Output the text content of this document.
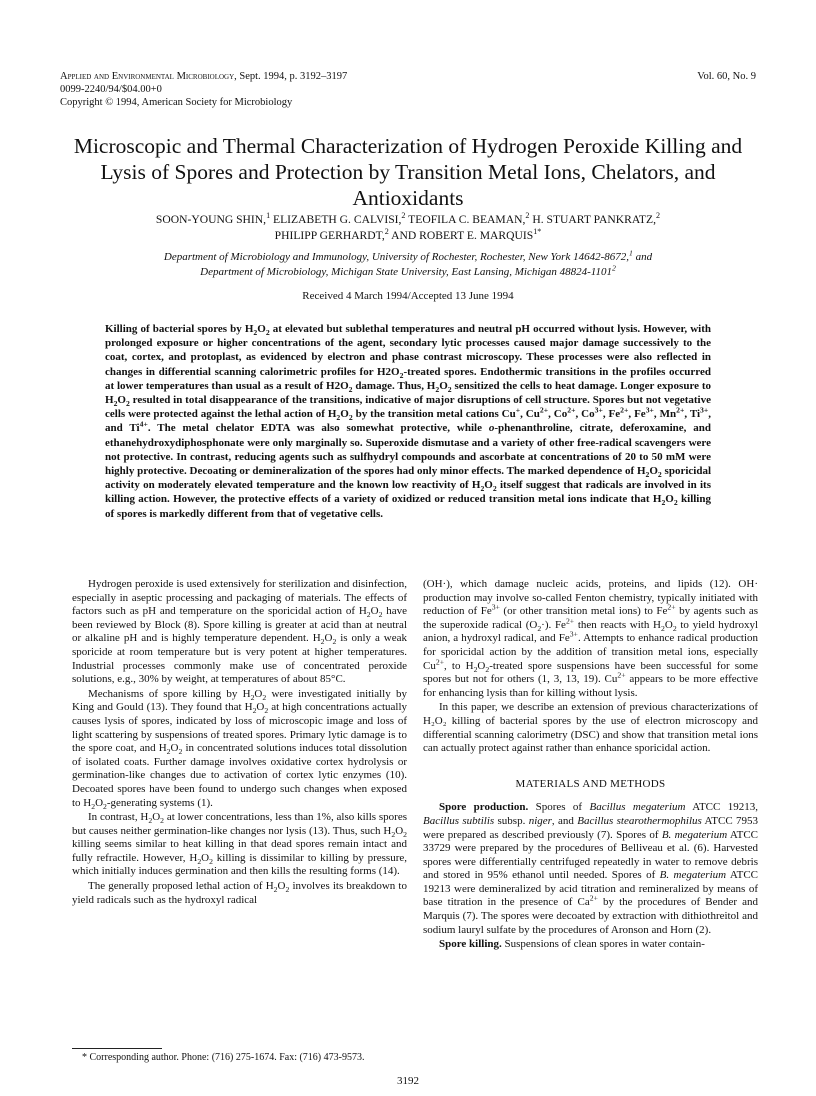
Applied and Environmental Microbiology, Sept. 1994, p. 3192–3197
0099-2240/94/$04.00+0
Copyright © 1994, American Society for Microbiology
Vol. 60, No. 9
Microscopic and Thermal Characterization of Hydrogen Peroxide Killing and Lysis of Spores and Protection by Transition Metal Ions, Chelators, and Antioxidants
SOON-YOUNG SHIN,$^1$ ELIZABETH G. CALVISI,$^2$ TEOFILA C. BEAMAN,$^2$ H. STUART PANKRATZ,$^2$
PHILIPP GERHARDT,$^2$ AND ROBERT E. $MARQUIS^{1*}$
Department of Microbiology and Immunology, University of Rochester, Rochester, New York 14642-8672,$^1$ and
Department of Microbiology, Michigan State University, East Lansing, Michigan 48824-1101$^2$
Received 4 March 1994/Accepted 13 June 1994
Killing of bacterial spores by $H_2O_2$ at elevated but sublethal temperatures and neutral pH occurred without lysis. However, with prolonged exposure or higher concentrations of the agent, secondary lytic processes caused major damage successively to the coat, cortex, and protoplast, as evidenced by electron and phase contrast microscopy. These processes were also reflected in changes in differential scanning calorimetric profiles for $H2O_2$-treated spores. Endothermic transitions in the profiles occurred at lower temperatures than usual as a result of $H2O_2$ damage. Thus, $H_2O_2$ sensitized the cells to heat damage. Longer exposure to $H_2O_2$ resulted in total disappearance of the transitions, indicative of major disruptions of cell structure. Spores but not vegetative cells were protected against the lethal action of $H_2O_2$ by the transition metal cations Cu+, $Cu^{2+}$, $Co^{2+}$, $Co^{3+}$, $Fe^{2+}$, $Fe^{3+}$, $Mn^{2+}$, $Ti^{3+}$, and $Ti^{4+}$. The metal chelator EDTA was also somewhat protective, while o-phenanthroline, citrate, deferoxamine, and ethanehydroxydiphosphonate were only marginally so. Superoxide dismutase and a variety of other free-radical scavengers were not protective. In contrast, reducing agents such as sulfhydryl compounds and ascorbate at concentrations of 20 to 50 mM were highly protective. Decoating or demineralization of the spores had only minor effects. The marked dependence of $H_2O_2$ sporicidal activity on moderately elevated temperature and the known low reactivity of $H_2O_2$ itself suggest that radicals are involved in its killing action. However, the protective effects of a variety of oxidized or reduced transition metal ions indicate that $H_2O_2$ killing of spores is markedly different from that of vegetative cells.

Hydrogen peroxide is used extensively for sterilization and disinfection, especially in aseptic processing and packaging of materials. The effects of factors such as pH and temperature on the sporicidal action of $H_2O_2$ have been reviewed by Block (8). Spore killing is greater at acid than at neutral or alkaline pH and is highly temperature dependent. $H_2O_2$ is only a weak sporicide at room temperature but is very potent at higher temperatures. Industrial processes commonly make use of concentrated peroxide solutions, e.g., 30% by weight, at temperatures of about 85°C.

Mechanisms of spore killing by $H_2O_2$ were investigated initially by King and Gould (13). They found that $H_2O_2$ at high concentrations actually causes lysis of spores, indicated by loss of microscopic image and loss of light scattering by suspensions of treated spores. Primary lytic damage is to the spore coat, and $H_2O_2$ in concentrated solutions induces total dissolution of isolated coats. Further damage involves oxidative cortex hydrolysis or germination-like changes due to activation of cortex lytic enzymes (10). Decoated spores have been found to undergo such changes when exposed to $H_2O_2$-generating systems (1).

In contrast, $H_2O_2$ at lower concentrations, less than 1%, also kills spores but causes neither germination-like changes nor lysis (13). Thus, such $H_2O_2$ killing seems similar to heat killing in that dead spores remain intact and fully refractile. However, $H_2O_2$ killing is dissimilar to killing by pressure, which initially induces germination and then kills the resulting forms (14).

The generally proposed lethal action of $H_2O_2$ involves its breakdown to yield radicals such as the hydroxyl radical

(OH·), which damage nucleic acids, proteins, and lipids (12). OH· production may involve so-called Fenton chemistry, typically initiated with reduction of $Fe^{3+}$ (or other transition metal ions) to $Fe^{2+}$ by agents such as the superoxide radical $(O_2\cdot)$. $Fe^{2+}$ then reacts with $H_2O_2$ to yield hydroxyl anion, a hydroxyl radical, and $Fe^{3+}$. Attempts to enhance radical production for sporicidal action by the addition of transition metal ions, especially $Cu^{2+}$, to $H_2O_2$-treated spore suspensions have been successful for some spores but not for others (1, 3, 13, 19). $Cu^{2+}$ appears to be more effective for enhancing lysis than for killing without lysis.

In this paper, we describe an extension of previous characterizations of H₂O₂ killing of bacterial spores by the use of electron microscopy and differential scanning calorimetry (DSC) and show that transition metal ions can actually protect against rather than enhance sporicidal action.

MATERIALS AND METHODS

Spore production. Spores of Bacillus megaterium ATCC 19213, Bacillus subtilis subsp. niger, and Bacillus stearothermophilus ATCC 7953 were prepared as described previously (7). Spores of B. megaterium ATCC 33729 were prepared by the procedures of Belliveau et al. (6). Harvested spores were differentially centrifuged repeatedly in water to remove debris and stored in 95% ethanol until needed. Spores of B. megaterium ATCC 19213 were demineralized by acid titration and remineralized by means of base titration in the presence of $Ca^{2+}$ by the procedures of Bender and Marquis (7). The spores were decoated by extraction with dithiothreitol and sodium lauryl sulfate by the procedures of Aronson and Horn (2).

Spore killing. Suspensions of clean spores in water contain-

* Corresponding author. Phone: (716) 275-1674. Fax: (716) 473-9573.
3192
